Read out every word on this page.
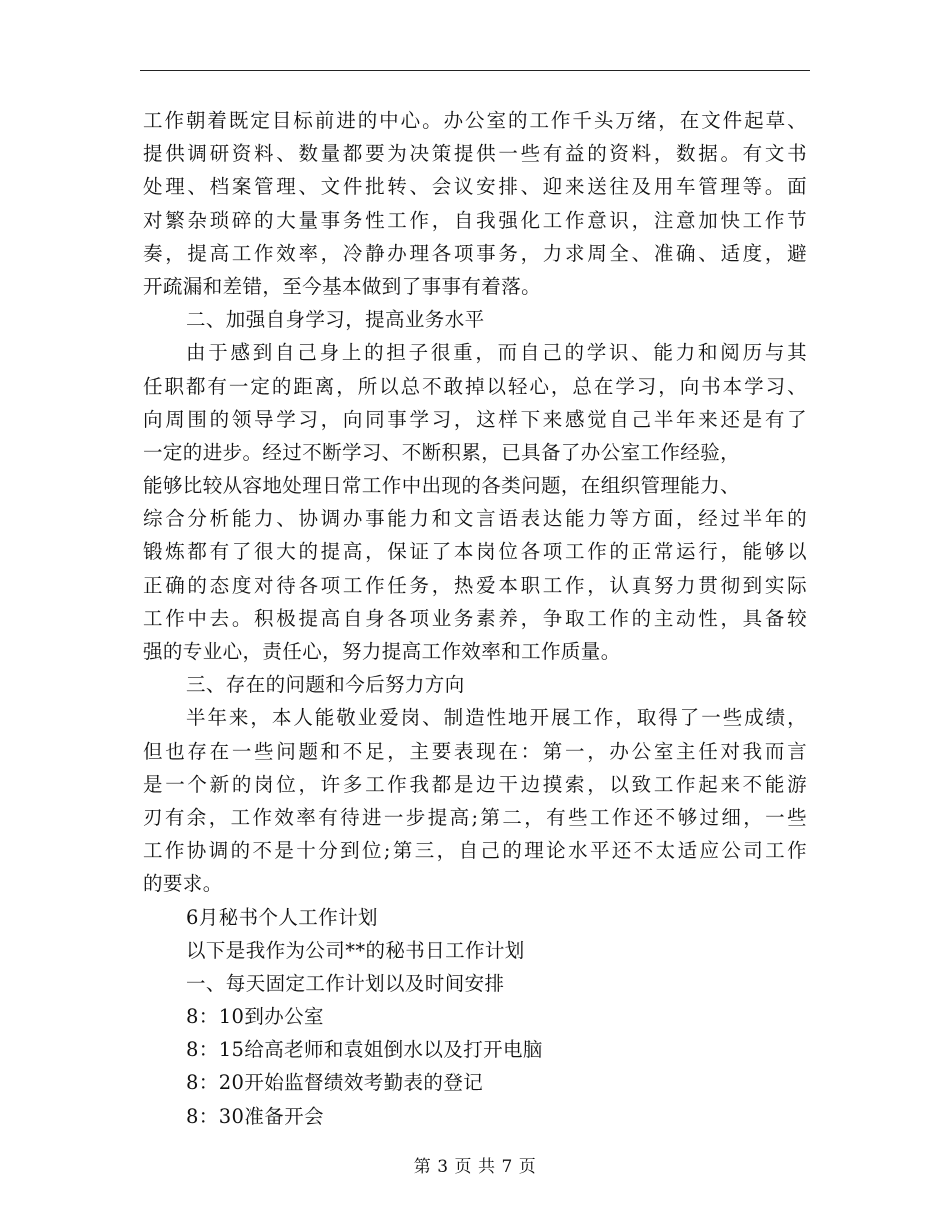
工作朝着既定目标前进的中心。办公室的工作千头万绪，在文件起草、
提供调研资料、数量都要为决策提供一些有益的资料，数据。有文书
处理、档案管理、文件批转、会议安排、迎来送往及用车管理等。面
对繁杂琐碎的大量事务性工作，自我强化工作意识，注意加快工作节
奏，提高工作效率，冷静办理各项事务，力求周全、准确、适度，避
开疏漏和差错，至今基本做到了事事有着落。
二、加强自身学习，提高业务水平
由于感到自己身上的担子很重，而自己的学识、能力和阅历与其
任职都有一定的距离，所以总不敢掉以轻心，总在学习，向书本学习、
向周围的领导学习，向同事学习，这样下来感觉自己半年来还是有了
一定的进步。经过不断学习、不断积累，已具备了办公室工作经验，
能够比较从容地处理日常工作中出现的各类问题，在组织管理能力、
综合分析能力、协调办事能力和文言语表达能力等方面，经过半年的
锻炼都有了很大的提高，保证了本岗位各项工作的正常运行，能够以
正确的态度对待各项工作任务，热爱本职工作，认真努力贯彻到实际
工作中去。积极提高自身各项业务素养，争取工作的主动性，具备较
强的专业心，责任心，努力提高工作效率和工作质量。
三、存在的问题和今后努力方向
半年来，本人能敬业爱岗、制造性地开展工作，取得了一些成绩，
但也存在一些问题和不足，主要表现在：第一，办公室主任对我而言
是一个新的岗位，许多工作我都是边干边摸索，以致工作起来不能游
刃有余，工作效率有待进一步提高;第二，有些工作还不够过细，一些
工作协调的不是十分到位;第三，自己的理论水平还不太适应公司工作
的要求。
6月秘书个人工作计划
以下是我作为公司**的秘书日工作计划
一、每天固定工作计划以及时间安排
8：10到办公室
8：15给高老师和袁姐倒水以及打开电脑
8：20开始监督绩效考勤表的登记
8：30准备开会
第 3 页 共 7 页
